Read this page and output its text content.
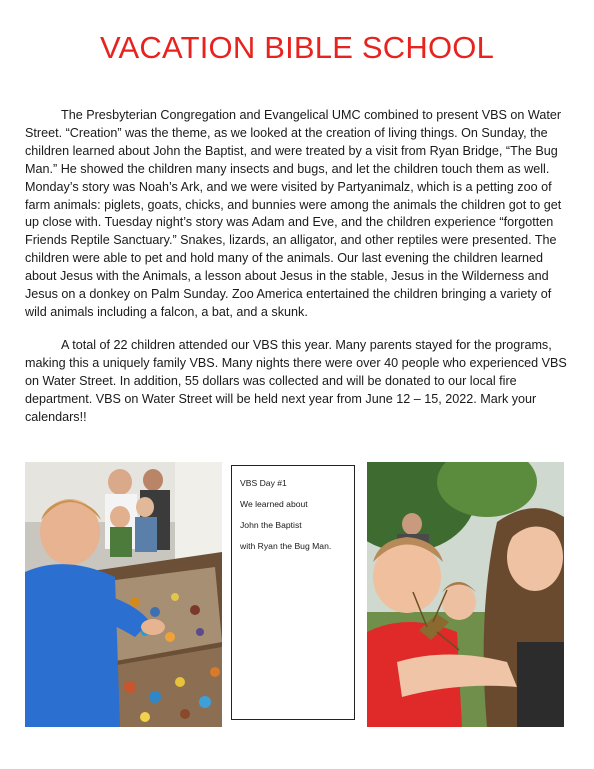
VACATION BIBLE SCHOOL

The Presbyterian Congregation and Evangelical UMC combined to present VBS on Water Street. “Creation” was the theme, as we looked at the creation of living things. On Sunday, the children learned about John the Baptist, and were treated by a visit from Ryan Bridge, “The Bug Man.” He showed the children many insects and bugs, and let the children touch them as well. Monday’s story was Noah’s Ark, and we were visited by Partyanimalz, which is a petting zoo of farm animals: piglets, goats, chicks, and bunnies were among the animals the children got to get up close with. Tuesday night’s story was Adam and Eve, and the children experience “forgotten Friends Reptile Sanctuary.” Snakes, lizards, an alligator, and other reptiles were presented. The children were able to pet and hold many of the animals. Our last evening the children learned about Jesus with the Animals, a lesson about Jesus in the stable, Jesus in the Wilderness and Jesus on a donkey on Palm Sunday. Zoo America entertained the children bringing a variety of wild animals including a falcon, a bat, and a skunk.

A total of 22 children attended our VBS this year. Many parents stayed for the programs, making this a uniquely family VBS. Many nights there were over 40 people who experienced VBS on Water Street. In addition, 55 dollars was collected and will be donated to our local fire department. VBS on Water Street will be held next year from June 12 – 15, 2022. Mark your calendars!!

VBS Day #1
We learned about
John the Baptist
with Ryan the Bug Man.
